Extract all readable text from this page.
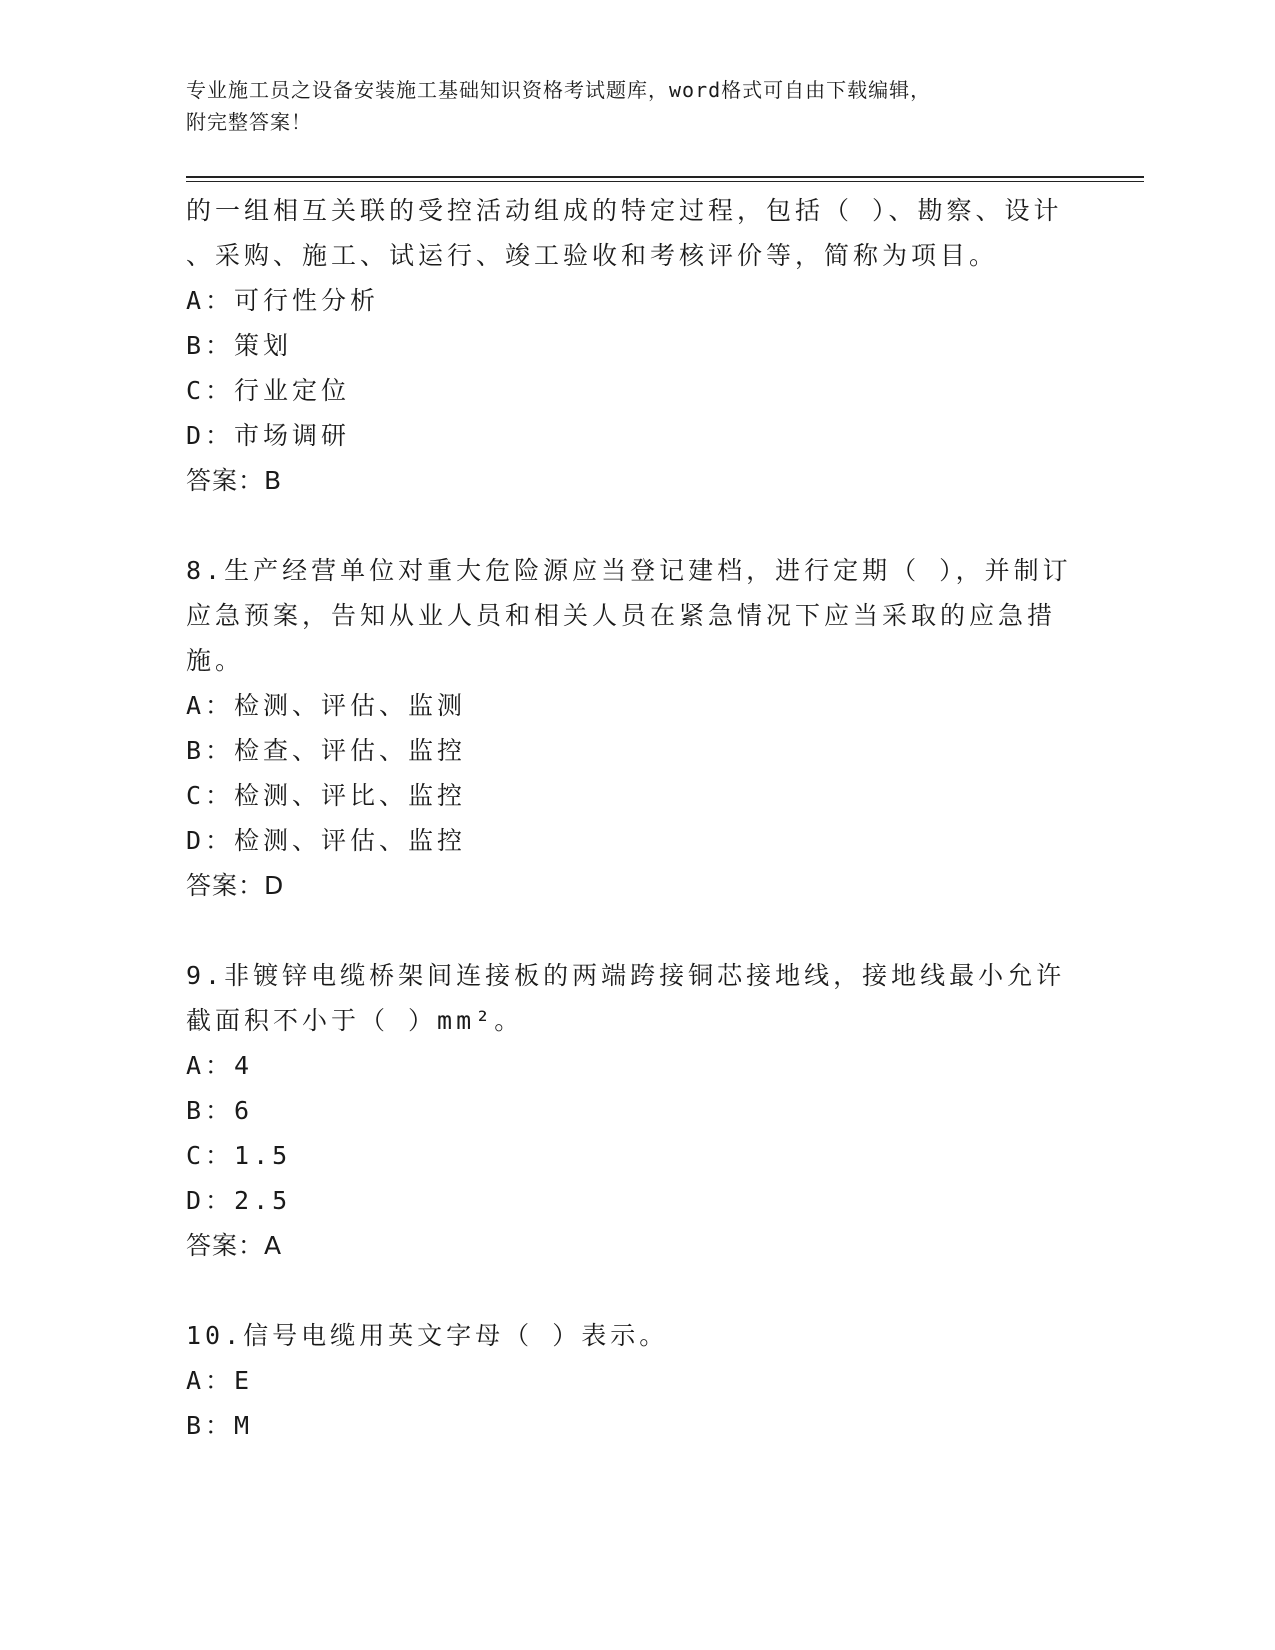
专业施工员之设备安装施工基础知识资格考试题库，word格式可自由下载编辑，
附完整答案！

的一组相互关联的受控活动组成的特定过程，包括（ ）、勘察、设计

、采购、施工、试运行、竣工验收和考核评价等，简称为项目。

A：可行性分析

B：策划

C：行业定位

D：市场调研

答案：B

8.生产经营单位对重大危险源应当登记建档，进行定期（ ），并制订

应急预案，告知从业人员和相关人员在紧急情况下应当采取的应急措

施。

A：检测、评估、监测

B：检查、评估、监控

C：检测、评比、监控

D：检测、评估、监控

答案：D

9.非镀锌电缆桥架间连接板的两端跨接铜芯接地线，接地线最小允许

截面积不小于（ ）mm²。

A：4

B：6

C：1.5

D：2.5

答案：A

10.信号电缆用英文字母（ ）表示。

A：E

B：M
